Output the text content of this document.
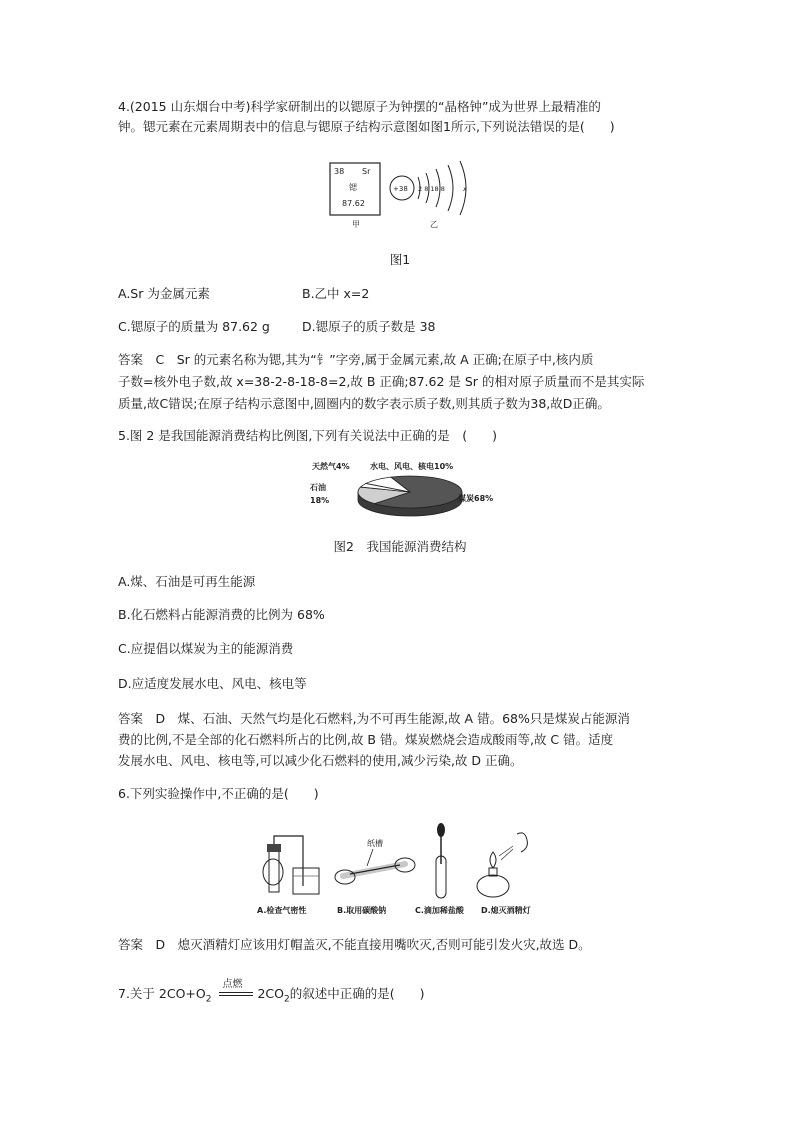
4.(2015 山东烟台中考)科学家研制出的以锶原子为钟摆的“晶格钟”成为世界上最精准的
钟。锶元素在元素周期表中的信息与锶原子结构示意图如图1所示,下列说法错误的是(　　)
38 Sr
锶
87.62
+38 2 8 18 8	x
甲	乙
图1
A.Sr 为金属元素	B.乙中 x=2
C.锶原子的质量为 87.62 g	D.锶原子的质子数是 38
答案　C　Sr 的元素名称为锶,其为“钅”字旁,属于金属元素,故 A 正确;在原子中,核内质
子数=核外电子数,故 x=38-2-8-18-8=2,故 B 正确;87.62 是 Sr 的相对原子质量而不是其实际
质量,故C错误;在原子结构示意图中,圆圈内的数字表示质子数,则其质子数为38,故D正确。
5.图 2 是我国能源消费结构比例图,下列有关说法中正确的是　(　　)
天然气4%	水电、风电、核电10%
石油
18%	煤炭68%
图2　我国能源消费结构
A.煤、石油是可再生能源
B.化石燃料占能源消费的比例为 68%
C.应提倡以煤炭为主的能源消费
D.应适度发展水电、风电、核电等
答案　D　煤、石油、天然气均是化石燃料,为不可再生能源,故 A 错。68%只是煤炭占能源消
费的比例,不是全部的化石燃料所占的比例,故 B 错。煤炭燃烧会造成酸雨等,故 C 错。适度
发展水电、风电、核电等,可以减少化石燃料的使用,减少污染,故 D 正确。
6.下列实验操作中,不正确的是(　　)
纸槽
A.检查气密性	B.取用碳酸钠	C.滴加稀盐酸 D.熄灭酒精灯
答案　D　熄灭酒精灯应该用灯帽盖灭,不能直接用嘴吹灭,否则可能引发火灾,故选 D。
7.关于 $2CO+O_2$
点燃
$2CO_2$的叙述中正确的是(　　)
